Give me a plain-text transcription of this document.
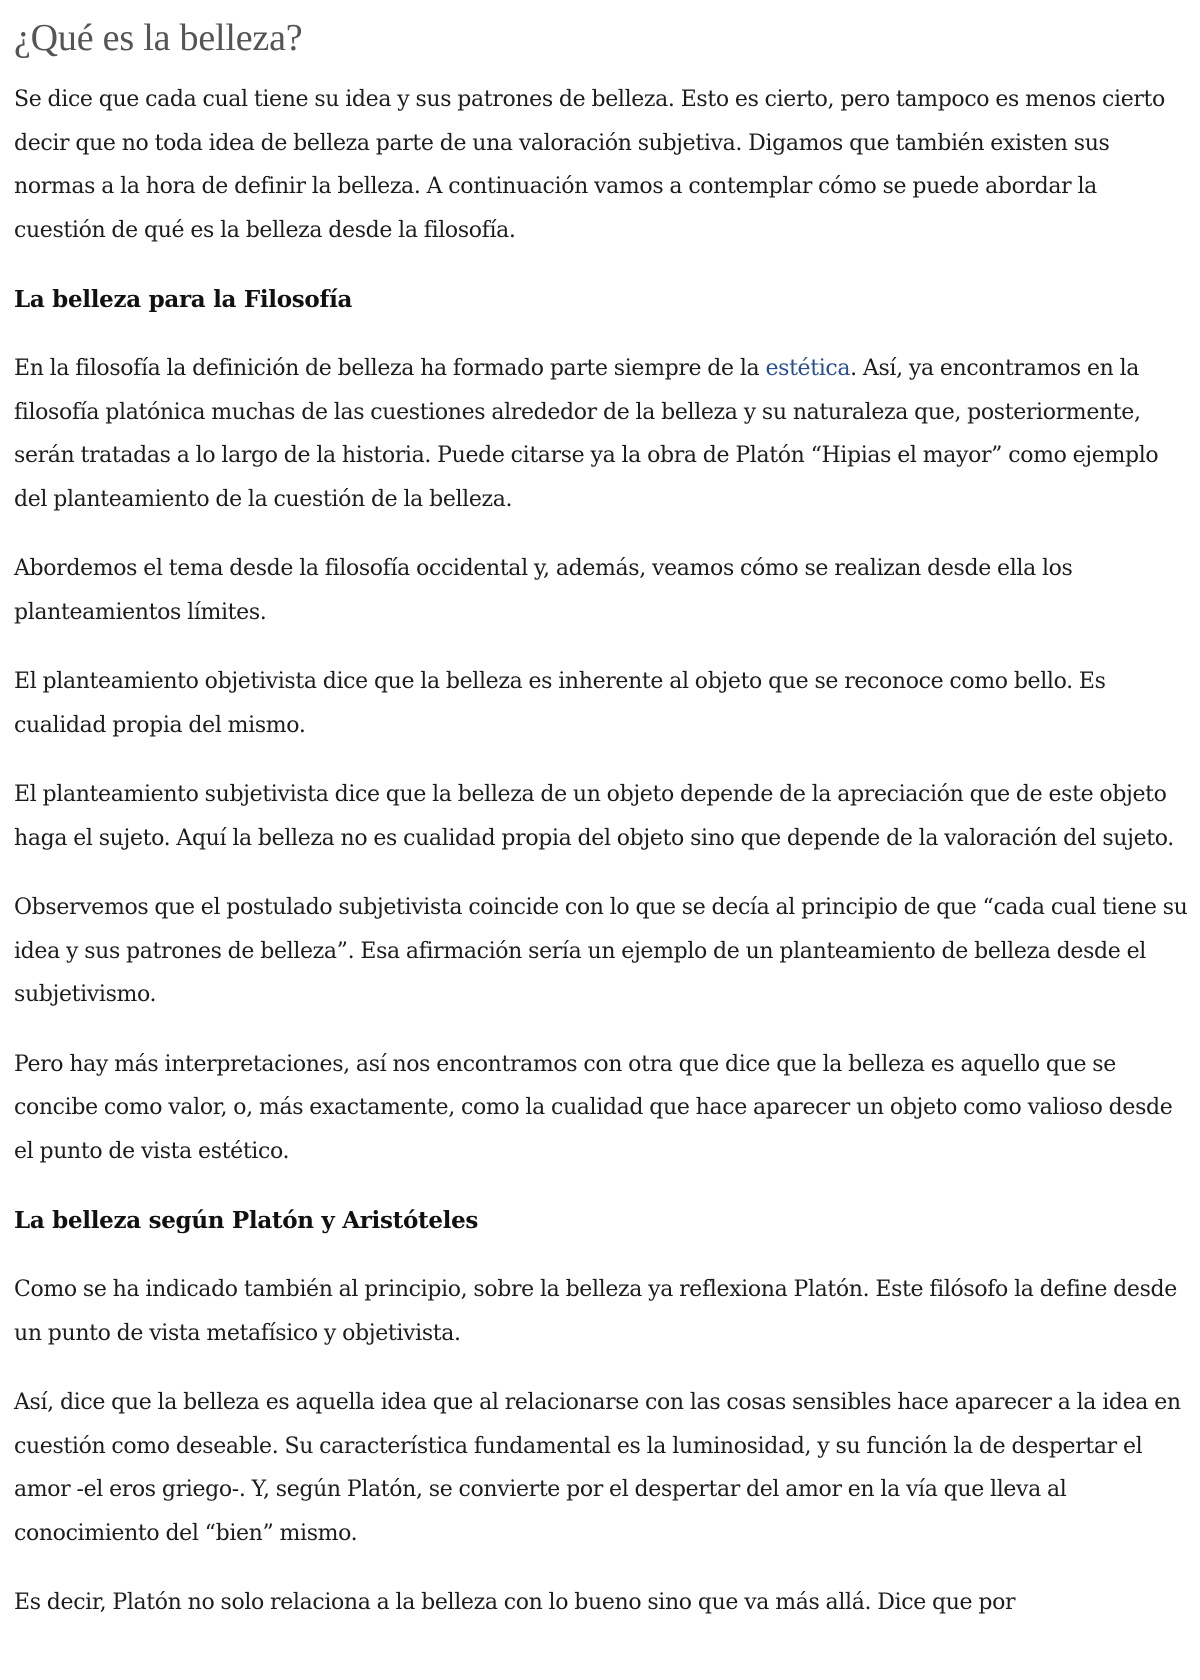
¿Qué es la belleza?

Se dice que cada cual tiene su idea y sus patrones de belleza. Esto es cierto, pero tampoco es menos cierto decir que no toda idea de belleza parte de una valoración subjetiva. Digamos que también existen sus normas a la hora de definir la belleza. A continuación vamos a contemplar cómo se puede abordar la cuestión de qué es la belleza desde la filosofía.

La belleza para la Filosofía

En la filosofía la definición de belleza ha formado parte siempre de la estética. Así, ya encontramos en la filosofía platónica muchas de las cuestiones alrededor de la belleza y su naturaleza que, posteriormente, serán tratadas a lo largo de la historia. Puede citarse ya la obra de Platón “Hipias el mayor” como ejemplo del planteamiento de la cuestión de la belleza.

Abordemos el tema desde la filosofía occidental y, además, veamos cómo se realizan desde ella los planteamientos límites.

El planteamiento objetivista dice que la belleza es inherente al objeto que se reconoce como bello. Es cualidad propia del mismo.

El planteamiento subjetivista dice que la belleza de un objeto depende de la apreciación que de este objeto haga el sujeto. Aquí la belleza no es cualidad propia del objeto sino que depende de la valoración del sujeto.

Observemos que el postulado subjetivista coincide con lo que se decía al principio de que “cada cual tiene su idea y sus patrones de belleza”. Esa afirmación sería un ejemplo de un planteamiento de belleza desde el subjetivismo.

Pero hay más interpretaciones, así nos encontramos con otra que dice que la belleza es aquello que se concibe como valor, o, más exactamente, como la cualidad que hace aparecer un objeto como valioso desde el punto de vista estético.

La belleza según Platón y Aristóteles

Como se ha indicado también al principio, sobre la belleza ya reflexiona Platón. Este filósofo la define desde un punto de vista metafísico y objetivista.

Así, dice que la belleza es aquella idea que al relacionarse con las cosas sensibles hace aparecer a la idea en cuestión como deseable. Su característica fundamental es la luminosidad, y su función la de despertar el amor -el eros griego-. Y, según Platón, se convierte por el despertar del amor en la vía que lleva al conocimiento del “bien” mismo.

Es decir, Platón no solo relaciona a la belleza con lo bueno sino que va más allá. Dice que por
